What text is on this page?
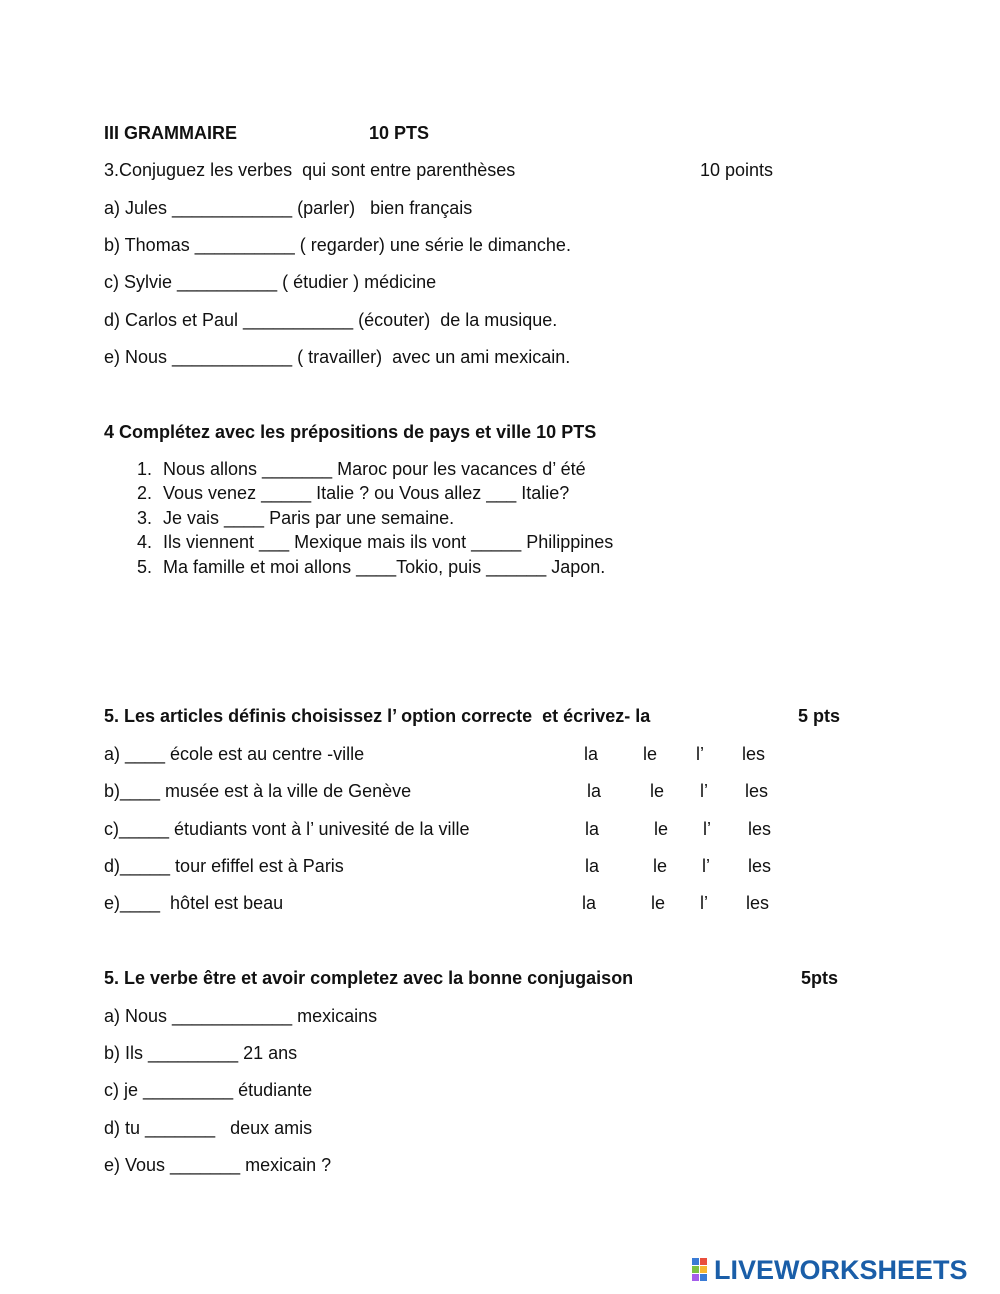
III GRAMMAIRE	10 PTS
3.Conjuguez les verbes  qui sont entre parenthèses	10 points
a) Jules ____________ (parler)   bien français
b) Thomas __________ ( regarder) une série le dimanche.
c) Sylvie __________ ( étudier ) médicine
d) Carlos et Paul ___________ (écouter)  de la musique.
e) Nous ____________ ( travailler)  avec un ami mexicain.
4 Complétez avec les prépositions de pays et ville 10 PTS
1. Nous allons _______ Maroc pour les vacances d’ été
2. Vous venez _____ Italie ? ou Vous allez ___ Italie?
3. Je vais ____ Paris par une semaine.
4. Ils viennent ___ Mexique mais ils vont _____ Philippines
5. Ma famille et moi allons ____Tokio, puis ______ Japon.
5. Les articles définis choisissez l’ option correcte  et écrivez- la	5 pts
a) ____ école est au centre -ville	la le l’ les
b)____ musée est à la ville de Genève	la	le l’ les
c)_____ étudiants vont à l’ univesité de la ville	la	le l’ les
d)_____ tour efiffel est à Paris	la	le l’ les
e)____  hôtel est beau	la	le l’ les
5. Le verbe être et avoir completez avec la bonne conjugaison	5pts
a) Nous ____________ mexicains
b) Ils _________ 21 ans
c) je _________ étudiante
d) tu _______   deux amis
e) Vous _______ mexicain ?
LIVEWORKSHEETS
